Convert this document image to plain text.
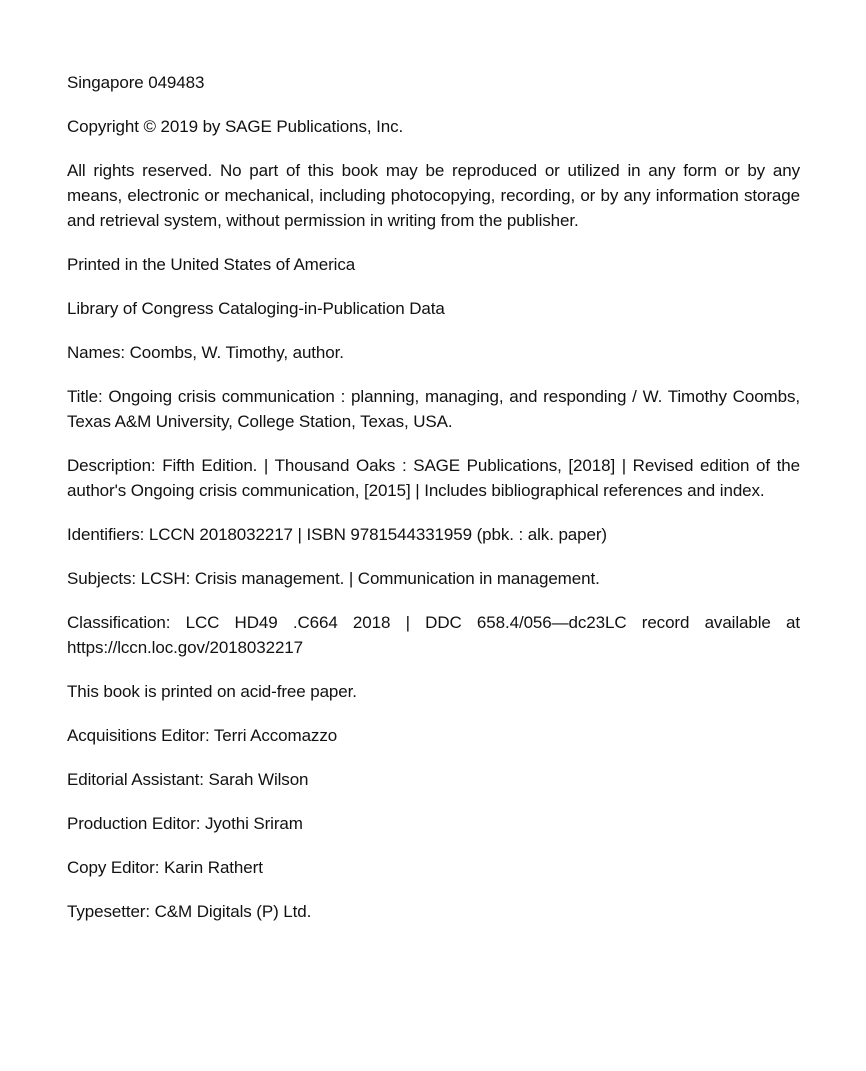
Singapore 049483

Copyright © 2019 by SAGE Publications, Inc.

All rights reserved. No part of this book may be reproduced or utilized in any form or by any means, electronic or mechanical, including photocopying, recording, or by any information storage and retrieval system, without permission in writing from the publisher.

Printed in the United States of America

Library of Congress Cataloging-in-Publication Data

Names: Coombs, W. Timothy, author.

Title: Ongoing crisis communication : planning, managing, and responding / W. Timothy Coombs, Texas A&M University, College Station, Texas, USA.

Description: Fifth Edition. | Thousand Oaks : SAGE Publications, [2018] | Revised edition of the author's Ongoing crisis communication, [2015] | Includes bibliographical references and index.

Identifiers: LCCN 2018032217 | ISBN 9781544331959 (pbk. : alk. paper)

Subjects: LCSH: Crisis management. | Communication in management.

Classification: LCC HD49 .C664 2018 | DDC 658.4/056—dc23LC record available at https://lccn.loc.gov/2018032217

This book is printed on acid-free paper.

Acquisitions Editor: Terri Accomazzo

Editorial Assistant: Sarah Wilson

Production Editor: Jyothi Sriram

Copy Editor: Karin Rathert

Typesetter: C&M Digitals (P) Ltd.
